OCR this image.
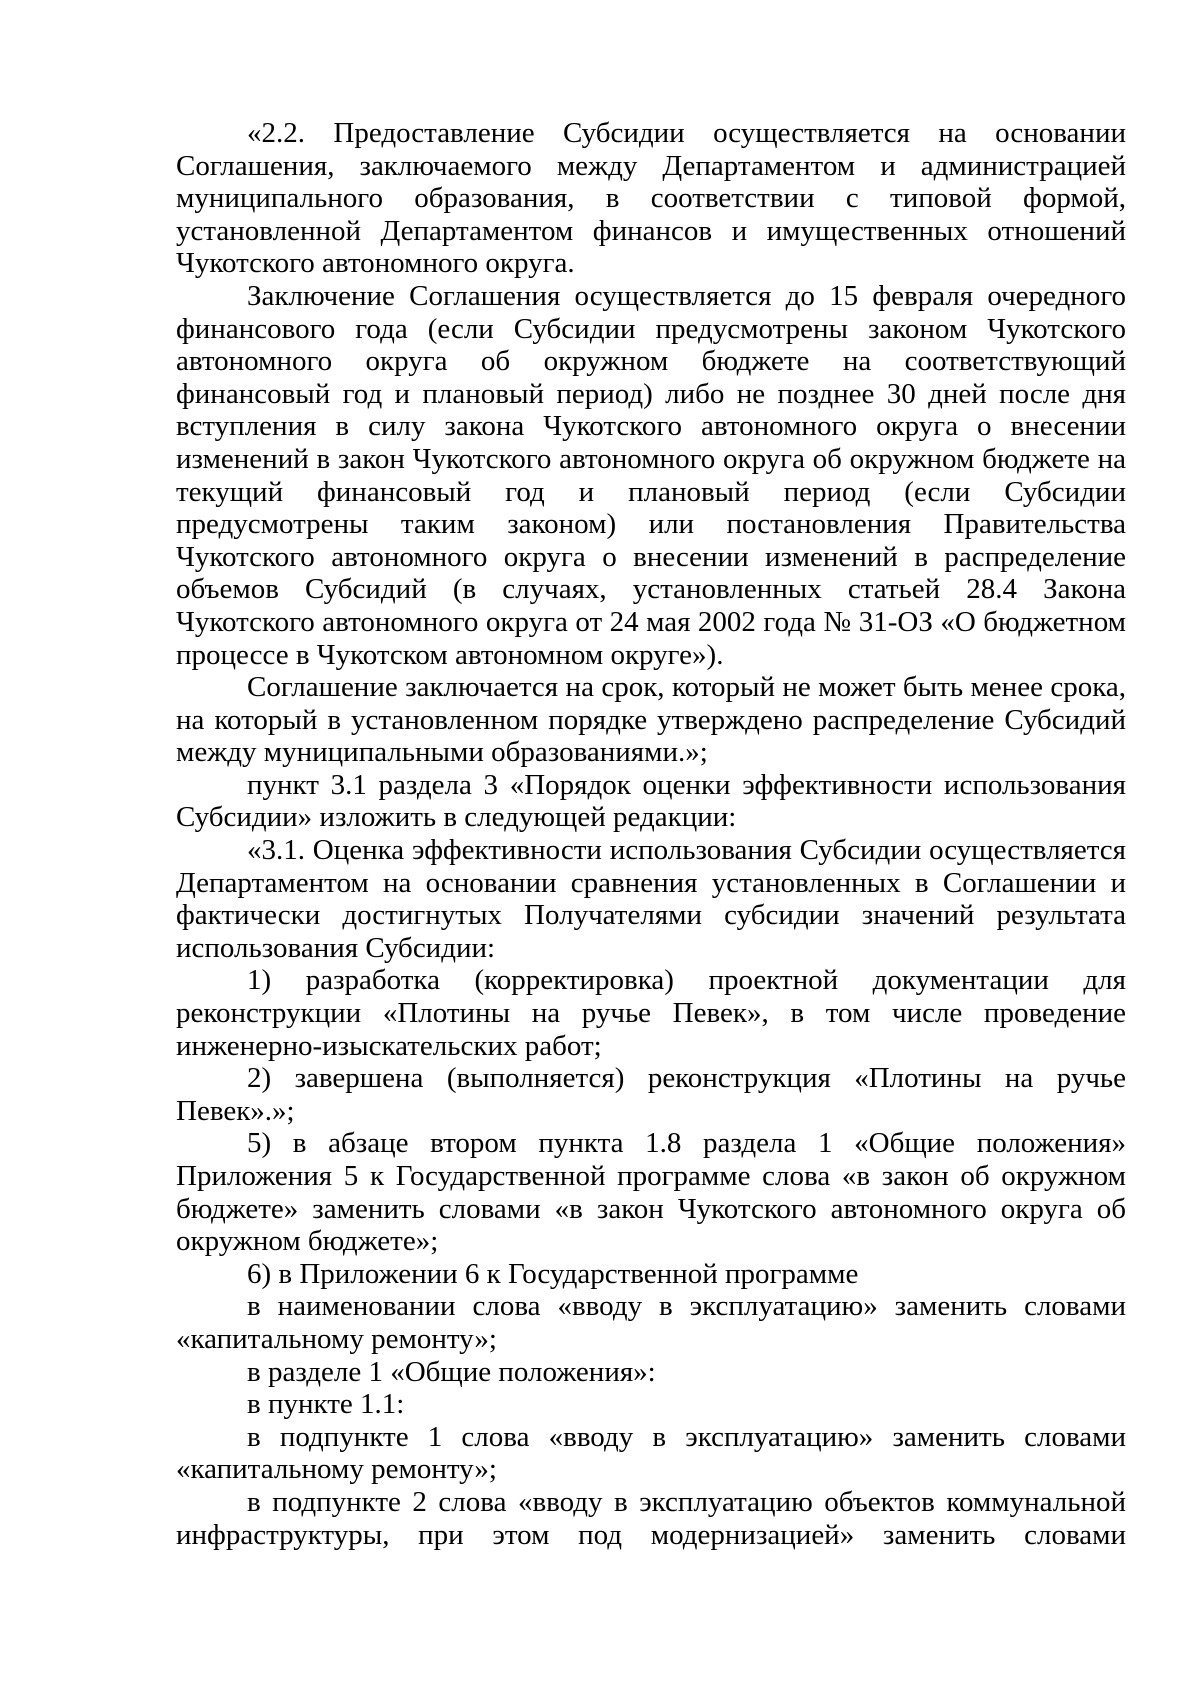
«2.2. Предоставление Субсидии осуществляется на основании Соглашения, заключаемого между Департаментом и администрацией муниципального образования, в соответствии с типовой формой, установленной Департаментом финансов и имущественных отношений Чукотского автономного округа.

Заключение Соглашения осуществляется до 15 февраля очередного финансового года (если Субсидии предусмотрены законом Чукотского автономного округа об окружном бюджете на соответствующий финансовый год и плановый период) либо не позднее 30 дней после дня вступления в силу закона Чукотского автономного округа о внесении изменений в закон Чукотского автономного округа об окружном бюджете на текущий финансовый год и плановый период (если Субсидии предусмотрены таким законом) или постановления Правительства Чукотского автономного округа о внесении изменений в распределение объемов Субсидий (в случаях, установленных статьей 28.4 Закона Чукотского автономного округа от 24 мая 2002 года № 31-ОЗ «О бюджетном процессе в Чукотском автономном округе»).

Соглашение заключается на срок, который не может быть менее срока, на который в установленном порядке утверждено распределение Субсидий между муниципальными образованиями.»;

пункт 3.1 раздела 3 «Порядок оценки эффективности использования Субсидии» изложить в следующей редакции:

«3.1. Оценка эффективности использования Субсидии осуществляется Департаментом на основании сравнения установленных в Соглашении и фактически достигнутых Получателями субсидии значений результата использования Субсидии:

1) разработка (корректировка) проектной документации для реконструкции «Плотины на ручье Певек», в том числе проведение инженерно-изыскательских работ;

2) завершена (выполняется) реконструкция «Плотины на ручье Певек».»;

5) в абзаце втором пункта 1.8 раздела 1 «Общие положения» Приложения 5 к Государственной программе слова «в закон об окружном бюджете» заменить словами «в закон Чукотского автономного округа об окружном бюджете»;

6) в Приложении 6 к Государственной программе

в наименовании слова «вводу в эксплуатацию» заменить словами «капитальному ремонту»;

в разделе 1 «Общие положения»:

в пункте 1.1:

в подпункте 1 слова «вводу в эксплуатацию» заменить словами «капитальному ремонту»;

в подпункте 2 слова «вводу в эксплуатацию объектов коммунальной инфраструктуры, при этом под модернизацией» заменить словами
